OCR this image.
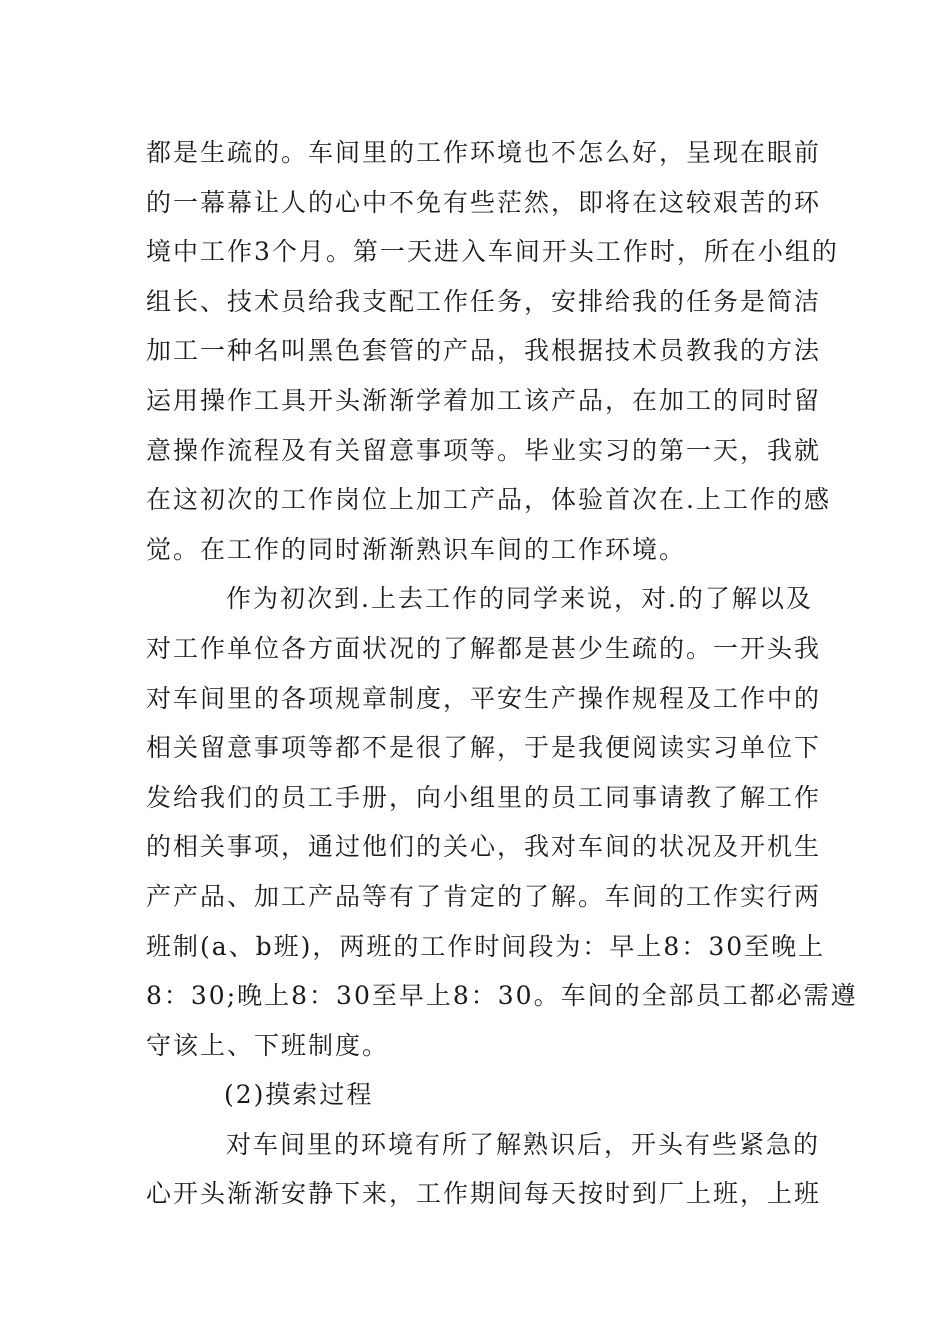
都是生疏的。车间里的工作环境也不怎么好，呈现在眼前
的一幕幕让人的心中不免有些茫然，即将在这较艰苦的环
境中工作3个月。第一天进入车间开头工作时，所在小组的
组长、技术员给我支配工作任务，安排给我的任务是简洁
加工一种名叫黑色套管的产品，我根据技术员教我的方法
运用操作工具开头渐渐学着加工该产品，在加工的同时留
意操作流程及有关留意事项等。毕业实习的第一天，我就
在这初次的工作岗位上加工产品，体验首次在.上工作的感
觉。在工作的同时渐渐熟识车间的工作环境。
作为初次到.上去工作的同学来说，对.的了解以及
对工作单位各方面状况的了解都是甚少生疏的。一开头我
对车间里的各项规章制度，平安生产操作规程及工作中的
相关留意事项等都不是很了解，于是我便阅读实习单位下
发给我们的员工手册，向小组里的员工同事请教了解工作
的相关事项，通过他们的关心，我对车间的状况及开机生
产产品、加工产品等有了肯定的了解。车间的工作实行两
班制(a、b班)，两班的工作时间段为：早上8：30至晚上
8：30;晚上8：30至早上8：30。车间的全部员工都必需遵
守该上、下班制度。
(2)摸索过程
对车间里的环境有所了解熟识后，开头有些紧急的
心开头渐渐安静下来，工作期间每天按时到厂上班，上班
